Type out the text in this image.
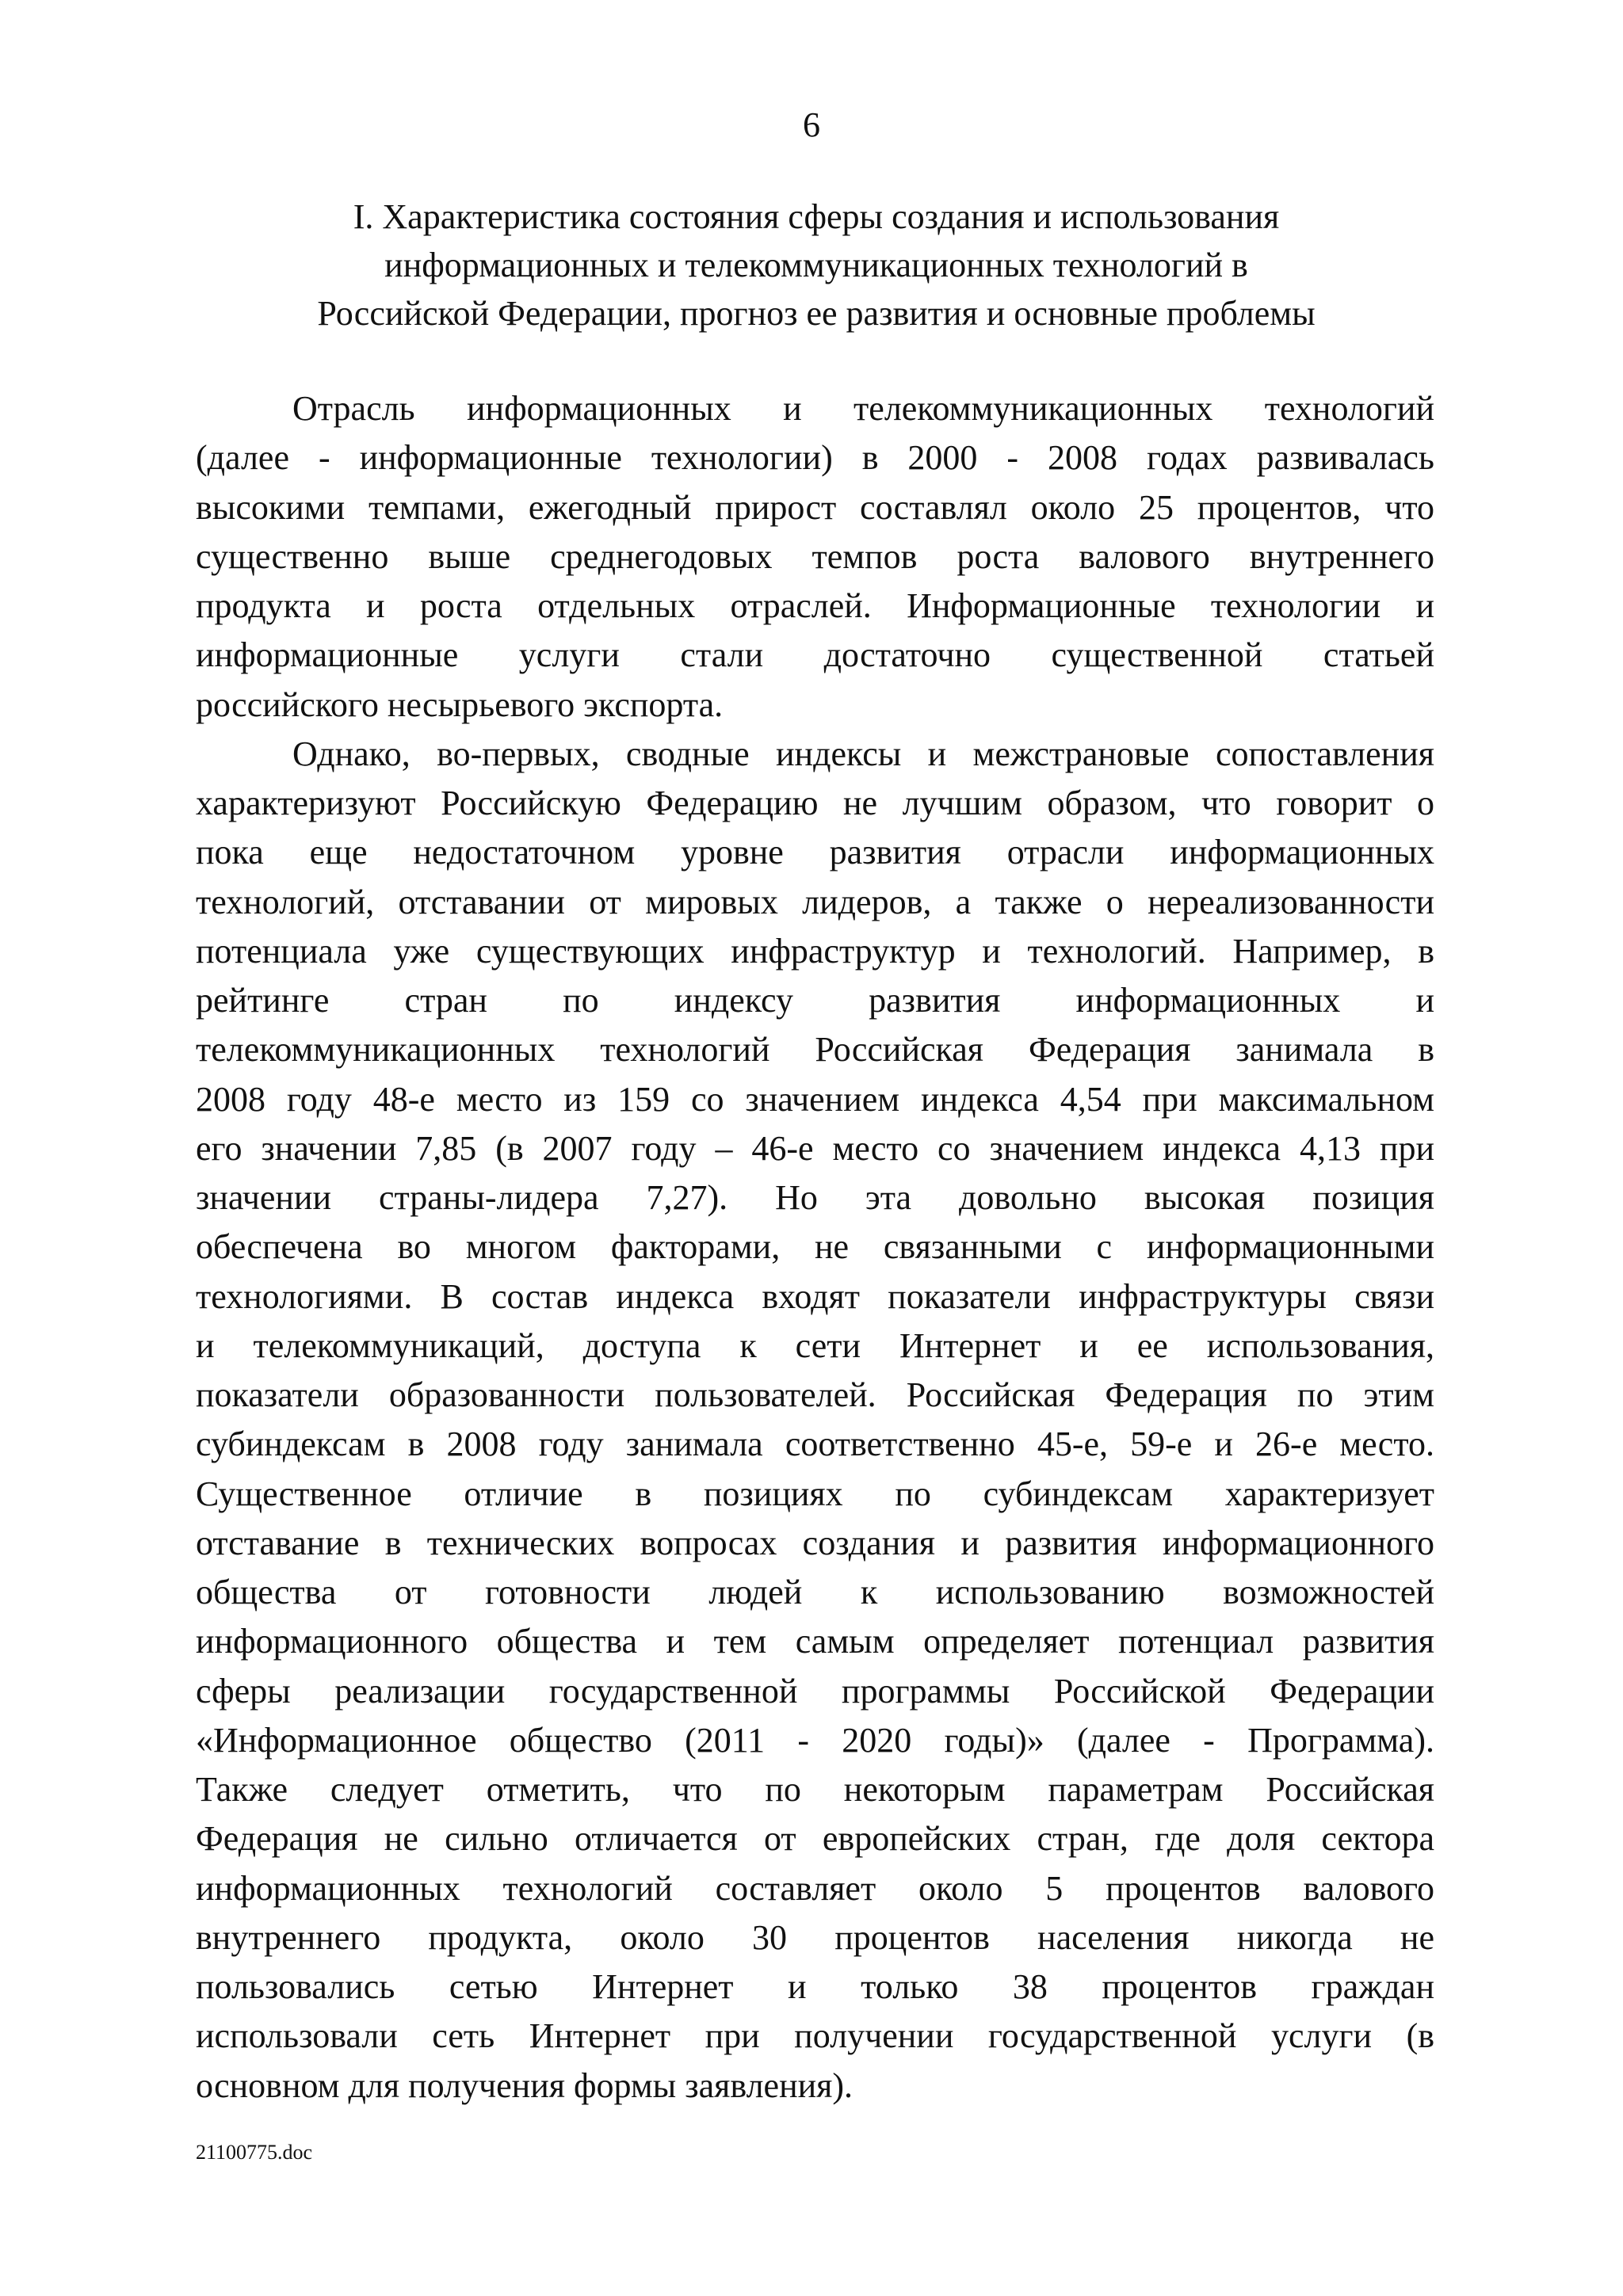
6
I. Характеристика состояния сферы создания и использования
информационных и телекоммуникационных технологий в
Российской Федерации, прогноз ее развития и основные проблемы
Отрасль информационных и телекоммуникационных технологий
(далее - информационные технологии) в 2000 - 2008 годах развивалась
высокими темпами, ежегодный прирост составлял около 25 процентов, что
существенно выше среднегодовых темпов роста валового внутреннего
продукта и роста отдельных отраслей. Информационные технологии и
информационные услуги стали достаточно существенной статьей
российского несырьевого экспорта.
Однако, во-первых, сводные индексы и межстрановые сопоставления
характеризуют Российскую Федерацию не лучшим образом, что говорит о
пока еще недостаточном уровне развития отрасли информационных
технологий, отставании от мировых лидеров, а также о нереализованности
потенциала уже существующих инфраструктур и технологий. Например, в
рейтинге стран по индексу развития информационных и
телекоммуникационных технологий Российская Федерация занимала в
2008 году 48-е место из 159 со значением индекса 4,54 при максимальном
его значении 7,85 (в 2007 году – 46-е место со значением индекса 4,13 при
значении страны-лидера 7,27). Но эта довольно высокая позиция
обеспечена во многом факторами, не связанными с информационными
технологиями. В состав индекса входят показатели инфраструктуры связи
и телекоммуникаций, доступа к сети Интернет и ее использования,
показатели образованности пользователей. Российская Федерация по этим
субиндексам в 2008 году занимала соответственно 45-е, 59-е и 26-е место.
Существенное отличие в позициях по субиндексам характеризует
отставание в технических вопросах создания и развития информационного
общества от готовности людей к использованию возможностей
информационного общества и тем самым определяет потенциал развития
сферы реализации государственной программы Российской Федерации
«Информационное общество (2011 - 2020 годы)» (далее - Программа).
Также следует отметить, что по некоторым параметрам Российская
Федерация не сильно отличается от европейских стран, где доля сектора
информационных технологий составляет около 5 процентов валового
внутреннего продукта, около 30 процентов населения никогда не
пользовались сетью Интернет и только 38 процентов граждан
использовали сеть Интернет при получении государственной услуги (в
основном для получения формы заявления).
21100775.doc
